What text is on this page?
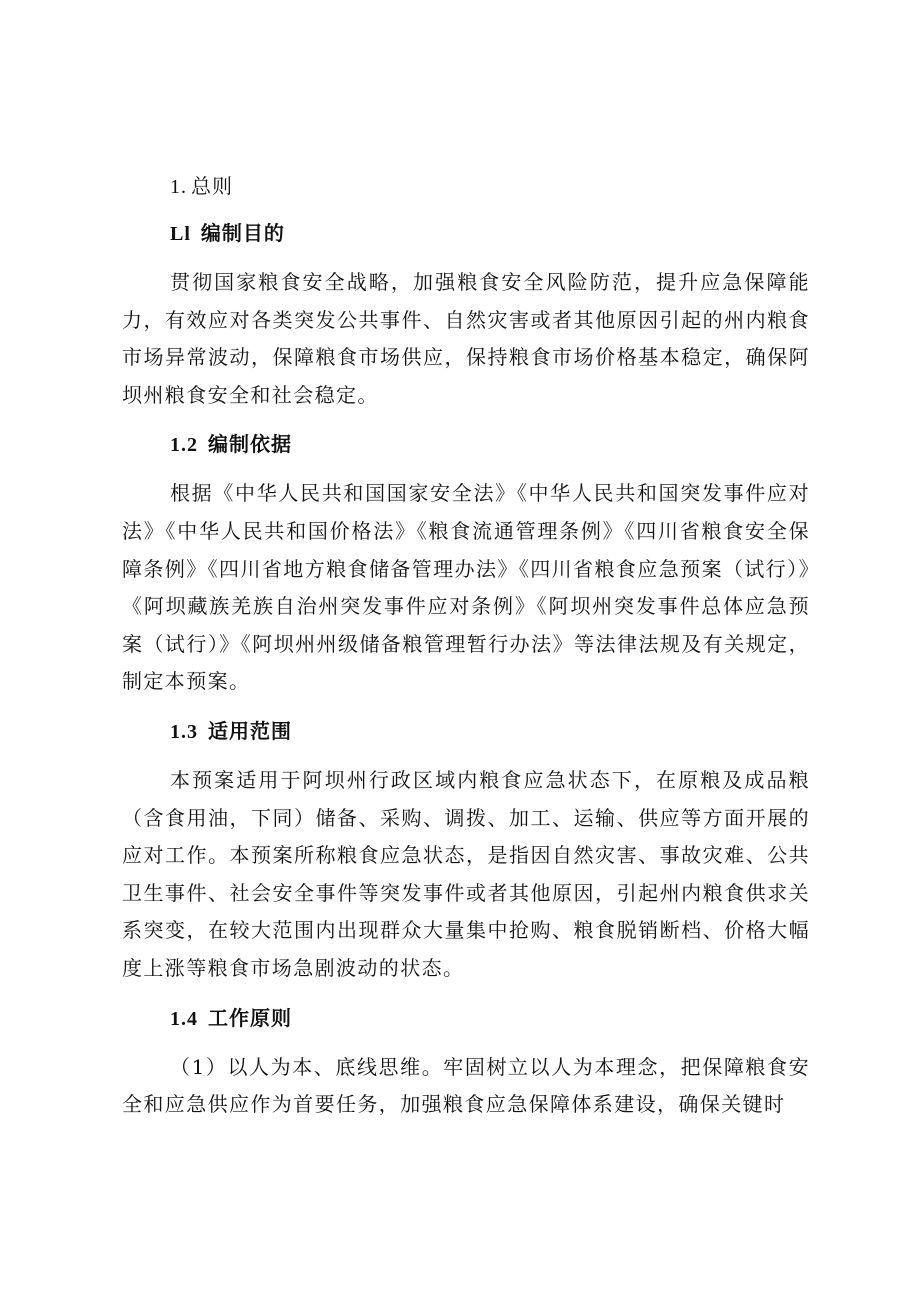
1. 总则
Ll 编制目的

贯彻国家粮食安全战略，加强粮食安全风险防范，提升应急保障能力，有效应对各类突发公共事件、自然灾害或者其他原因引起的州内粮食市场异常波动，保障粮食市场供应，保持粮食市场价格基本稳定，确保阿坝州粮食安全和社会稳定。

1.2 编制依据

根据《中华人民共和国国家安全法》《中华人民共和国突发事件应对法》《中华人民共和国价格法》《粮食流通管理条例》《四川省粮食安全保障条例》《四川省地方粮食储备管理办法》《四川省粮食应急预案（试行）》《阿坝藏族羌族自治州突发事件应对条例》《阿坝州突发事件总体应急预案（试行）》《阿坝州州级储备粮管理暂行办法》等法律法规及有关规定，制定本预案。

1.3 适用范围

本预案适用于阿坝州行政区域内粮食应急状态下，在原粮及成品粮（含食用油，下同）储备、采购、调拨、加工、运输、供应等方面开展的应对工作。本预案所称粮食应急状态，是指因自然灾害、事故灾难、公共卫生事件、社会安全事件等突发事件或者其他原因，引起州内粮食供求关系突变，在较大范围内出现群众大量集中抢购、粮食脱销断档、价格大幅度上涨等粮食市场急剧波动的状态。

1.4 工作原则

（1）以人为本、底线思维。牢固树立以人为本理念，把保障粮食安全和应急供应作为首要任务，加强粮食应急保障体系建设，确保关键时
